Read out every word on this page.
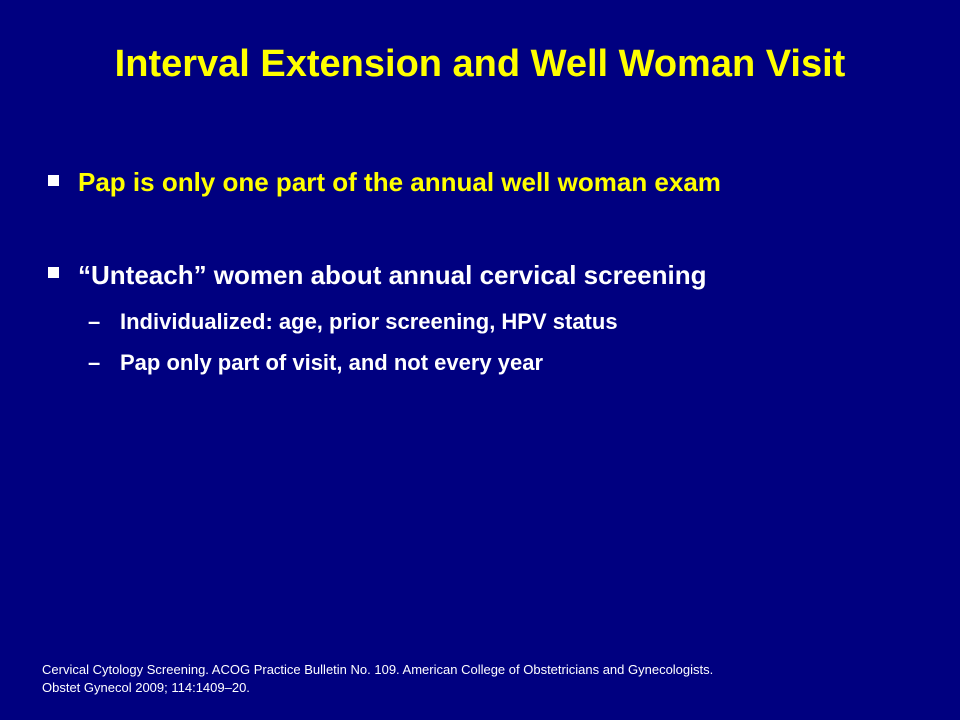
Interval Extension and Well Woman Visit
Pap is only one part of the annual well woman exam
“Unteach” women about annual cervical screening
– Individualized: age, prior screening, HPV status
– Pap only part of visit, and not every year
Cervical Cytology Screening. ACOG Practice Bulletin No. 109. American College of Obstetricians and Gynecologists.
Obstet Gynecol 2009; 114:1409–20.
